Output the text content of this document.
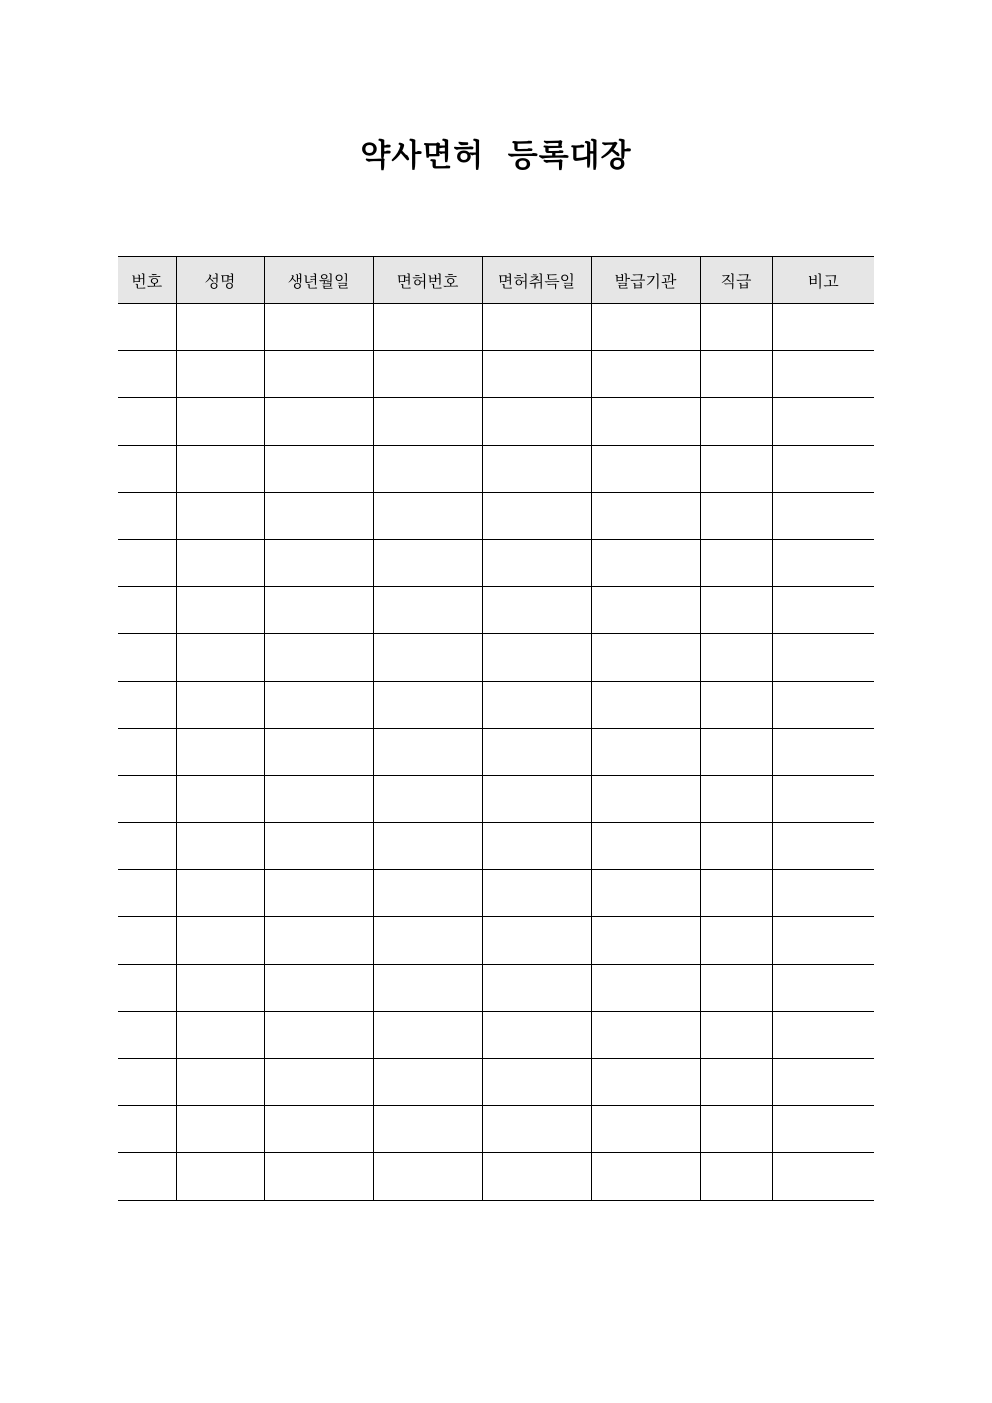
약사면허  등록대장
번호	성명	생년월일	면허번호	면허취득일	발급기관	직급	비고
